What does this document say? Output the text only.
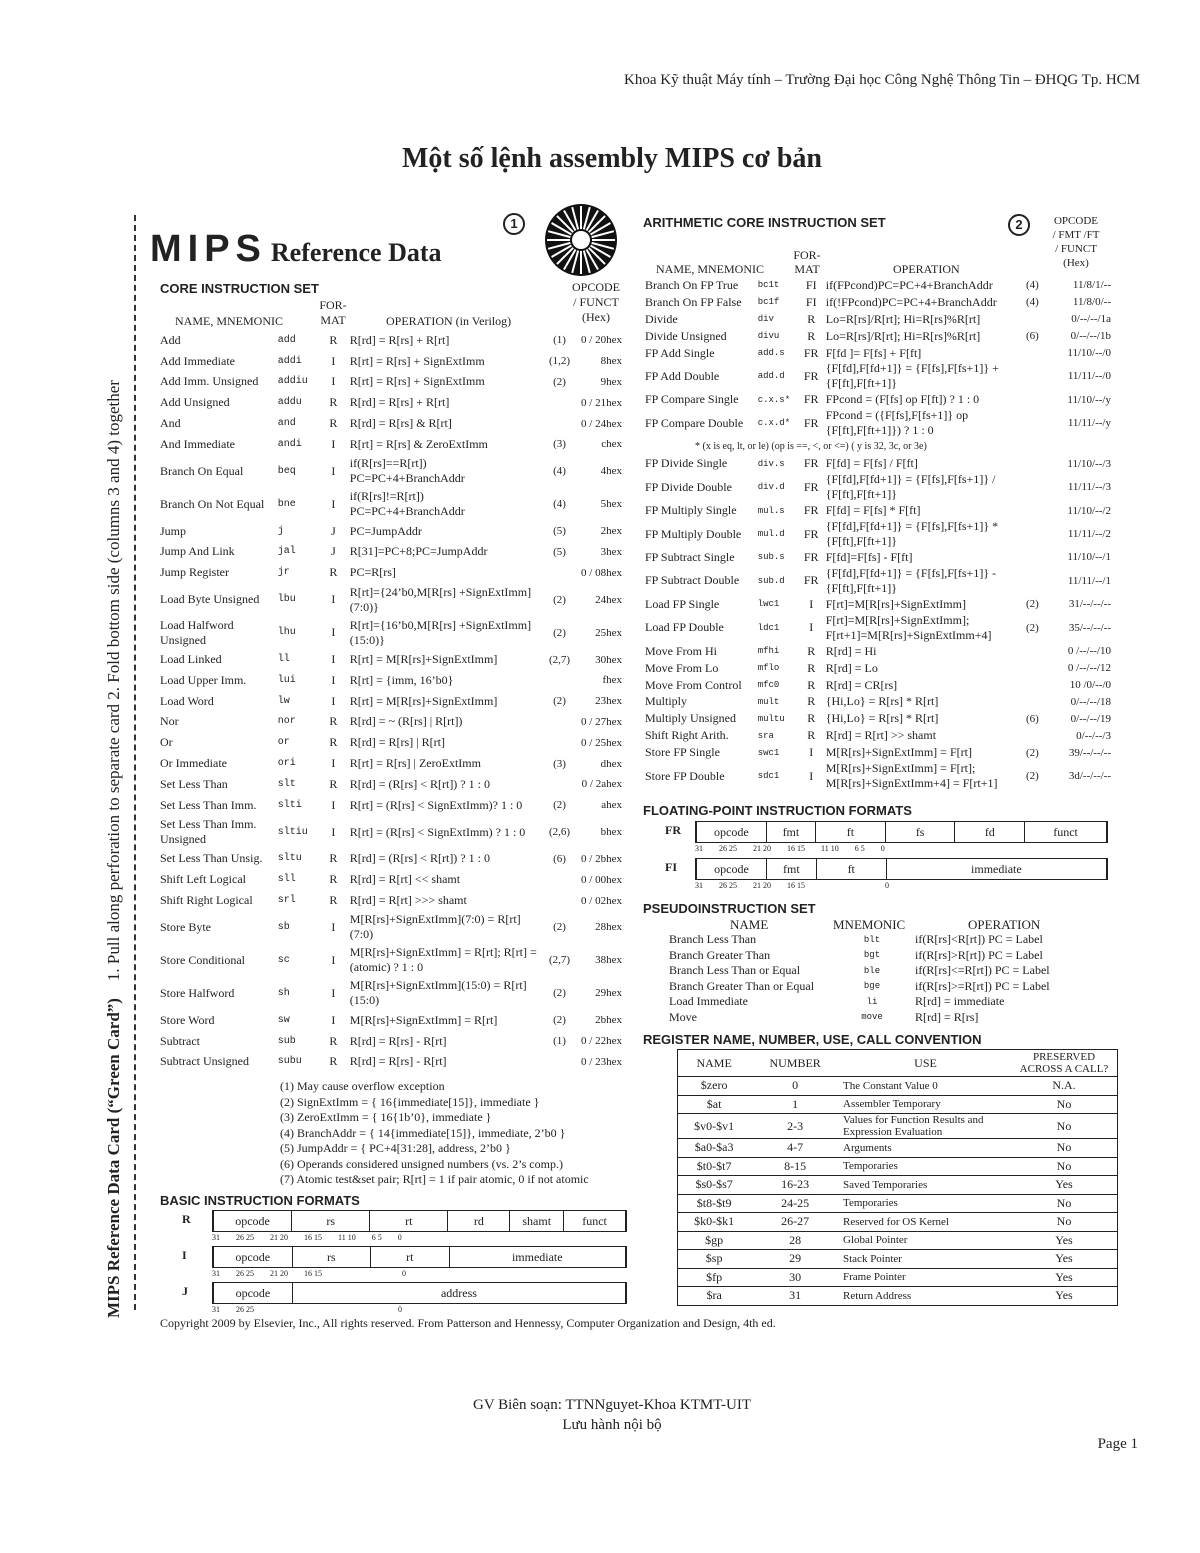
Khoa Kỹ thuật Máy tính – Trường Đại học Công Nghệ Thông Tin – ĐHQG Tp. HCM
Một số lệnh assembly MIPS cơ bản
MIPS Reference Data Card (“Green Card”)    1. Pull along perforation to separate card 2. Fold bottom side (columns 3 and 4) together
MIPS Reference Data
1	2
CORE INSTRUCTION SET	OPCODE
/ FUNCT
(Hex)
FOR-
MAT
NAME, MNEMONIC	OPERATION (in Verilog)
Add	add	R	R[rd] = R[rs] + R[rt]	(1)	0 / 20hex
Add Immediate	addi	I	R[rt] = R[rs] + SignExtImm	(1,2)	8hex
Add Imm. Unsigned	addiu	I	R[rt] = R[rs] + SignExtImm	(2)	9hex
Add Unsigned	addu	R	R[rd] = R[rs] + R[rt]		0 / 21hex
And	and	R	R[rd] = R[rs] & R[rt]		0 / 24hex
And Immediate	andi	I	R[rt] = R[rs] & ZeroExtImm	(3)	chex
Branch On Equal	beq	I	if(R[rs]==R[rt]) PC=PC+4+BranchAddr	(4)	4hex
Branch On Not Equal	bne	I	if(R[rs]!=R[rt]) PC=PC+4+BranchAddr	(4)	5hex
Jump	j	J	PC=JumpAddr	(5)	2hex
Jump And Link	jal	J	R[31]=PC+8;PC=JumpAddr	(5)	3hex
Jump Register	jr	R	PC=R[rs]		0 / 08hex
Load Byte Unsigned	lbu	I	R[rt]={24’b0,M[R[rs] +SignExtImm](7:0)}	(2)	24hex
Load Halfword Unsigned	lhu	I	R[rt]={16’b0,M[R[rs] +SignExtImm](15:0)}	(2)	25hex
Load Linked	ll	I	R[rt] = M[R[rs]+SignExtImm]	(2,7)	30hex
Load Upper Imm.	lui	I	R[rt] = {imm, 16’b0}		fhex
Load Word	lw	I	R[rt] = M[R[rs]+SignExtImm]	(2)	23hex
Nor	nor	R	R[rd] = ~ (R[rs] | R[rt])		0 / 27hex
Or	or	R	R[rd] = R[rs] | R[rt]		0 / 25hex
Or Immediate	ori	I	R[rt] = R[rs] | ZeroExtImm	(3)	dhex
Set Less Than	slt	R	R[rd] = (R[rs] < R[rt]) ? 1 : 0		0 / 2ahex
Set Less Than Imm.	slti	I	R[rt] = (R[rs] < SignExtImm)? 1 : 0	(2)	ahex
Set Less Than Imm. Unsigned	sltiu	I	R[rt] = (R[rs] < SignExtImm) ? 1 : 0	(2,6)	bhex
Set Less Than Unsig.	sltu	R	R[rd] = (R[rs] < R[rt]) ? 1 : 0	(6)	0 / 2bhex
Shift Left Logical	sll	R	R[rd] = R[rt] << shamt		0 / 00hex
Shift Right Logical	srl	R	R[rd] = R[rt] >>> shamt		0 / 02hex
Store Byte	sb	I	M[R[rs]+SignExtImm](7:0) = R[rt](7:0)	(2)	28hex
Store Conditional	sc	I	M[R[rs]+SignExtImm] = R[rt]; R[rt] = (atomic) ? 1 : 0	(2,7)	38hex
Store Halfword	sh	I	M[R[rs]+SignExtImm](15:0) = R[rt](15:0)	(2)	29hex
Store Word	sw	I	M[R[rs]+SignExtImm] = R[rt]	(2)	2bhex
Subtract	sub	R	R[rd] = R[rs] - R[rt]	(1)	0 / 22hex
Subtract Unsigned	subu	R	R[rd] = R[rs] - R[rt]		0 / 23hex
(1) May cause overflow exception
(2) SignExtImm = { 16{immediate[15]}, immediate }
(3) ZeroExtImm = { 16{1b’0}, immediate }
(4) BranchAddr = { 14{immediate[15]}, immediate, 2’b0 }
(5) JumpAddr = { PC+4[31:28], address, 2’b0 }
(6) Operands considered unsigned numbers (vs. 2’s comp.)
(7) Atomic test&set pair; R[rt] = 1 if pair atomic, 0 if not atomic
BASIC INSTRUCTION FORMATS
R	opcode	rs	rt	rd	shamt	funct
31        26 25        21 20        16 15        11 10        6 5        0
I	opcode	rs	rt	immediate
31        26 25        21 20        16 15                                        0
J	opcode	address
31        26 25                                                                        0
ARITHMETIC CORE INSTRUCTION SET	OPCODE
/ FMT /FT
/ FUNCT
(Hex)
FOR-
MAT
NAME, MNEMONIC	OPERATION
Branch On FP True	bc1t	FI	if(FPcond)PC=PC+4+BranchAddr	(4)	11/8/1/--
Branch On FP False	bc1f	FI	if(!FPcond)PC=PC+4+BranchAddr	(4)	11/8/0/--
Divide	div	R	Lo=R[rs]/R[rt]; Hi=R[rs]%R[rt]		0/--/--/1a
Divide Unsigned	divu	R	Lo=R[rs]/R[rt]; Hi=R[rs]%R[rt]	(6)	0/--/--/1b
FP Add Single	add.s	FR	F[fd ]= F[fs] + F[ft]		11/10/--/0
FP Add Double	add.d	FR	{F[fd],F[fd+1]} = {F[fs],F[fs+1]} + {F[ft],F[ft+1]}		11/11/--/0
FP Compare Single	c.x.s*	FR	FPcond = (F[fs] op F[ft]) ? 1 : 0		11/10/--/y
FP Compare Double	c.x.d*	FR	FPcond = ({F[fs],F[fs+1]} op {F[ft],F[ft+1]}) ? 1 : 0		11/11/--/y
* (x is eq, lt, or le) (op is ==, <, or <=) ( y is 32, 3c, or 3e)					
FP Divide Single	div.s	FR	F[fd] = F[fs] / F[ft]		11/10/--/3
FP Divide Double	div.d	FR	{F[fd],F[fd+1]} = {F[fs],F[fs+1]} / {F[ft],F[ft+1]}		11/11/--/3
FP Multiply Single	mul.s	FR	F[fd] = F[fs] * F[ft]		11/10/--/2
FP Multiply Double	mul.d	FR	{F[fd],F[fd+1]} = {F[fs],F[fs+1]} * {F[ft],F[ft+1]}		11/11/--/2
FP Subtract Single	sub.s	FR	F[fd]=F[fs] - F[ft]		11/10/--/1
FP Subtract Double	sub.d	FR	{F[fd],F[fd+1]} = {F[fs],F[fs+1]} - {F[ft],F[ft+1]}		11/11/--/1
Load FP Single	lwc1	I	F[rt]=M[R[rs]+SignExtImm]	(2)	31/--/--/--
Load FP Double	ldc1	I	F[rt]=M[R[rs]+SignExtImm]; F[rt+1]=M[R[rs]+SignExtImm+4]	(2)	35/--/--/--
Move From Hi	mfhi	R	R[rd] = Hi		0 /--/--/10
Move From Lo	mflo	R	R[rd] = Lo		0 /--/--/12
Move From Control	mfc0	R	R[rd] = CR[rs]		10 /0/--/0
Multiply	mult	R	{Hi,Lo} = R[rs] * R[rt]		0/--/--/18
Multiply Unsigned	multu	R	{Hi,Lo} = R[rs] * R[rt]	(6)	0/--/--/19
Shift Right Arith.	sra	R	R[rd] = R[rt] >> shamt		0/--/--/3
Store FP Single	swc1	I	M[R[rs]+SignExtImm] = F[rt]	(2)	39/--/--/--
Store FP Double	sdc1	I	M[R[rs]+SignExtImm] = F[rt]; M[R[rs]+SignExtImm+4] = F[rt+1]	(2)	3d/--/--/--
FLOATING-POINT INSTRUCTION FORMATS
FR	opcode	fmt	ft	fs	fd	funct
31        26 25        21 20        16 15        11 10        6 5        0
FI	opcode	fmt	ft	immediate
31        26 25        21 20        16 15                                        0
PSEUDOINSTRUCTION SET
NAME	MNEMONIC	OPERATION
Branch Less Than	blt	if(R[rs]<R[rt]) PC = Label
Branch Greater Than	bgt	if(R[rs]>R[rt]) PC = Label
Branch Less Than or Equal	ble	if(R[rs]<=R[rt]) PC = Label
Branch Greater Than or Equal	bge	if(R[rs]>=R[rt]) PC = Label
Load Immediate	li	R[rd] = immediate
Move	move	R[rd] = R[rs]
REGISTER NAME, NUMBER, USE, CALL CONVENTION
NAME	NUMBER	USE	PRESERVED ACROSS A CALL?
$zero	0	The Constant Value 0	N.A.
$at	1	Assembler Temporary	No
$v0-$v1	2-3	Values for Function Results and Expression Evaluation	No
$a0-$a3	4-7	Arguments	No
$t0-$t7	8-15	Temporaries	No
$s0-$s7	16-23	Saved Temporaries	Yes
$t8-$t9	24-25	Temporaries	No
$k0-$k1	26-27	Reserved for OS Kernel	No
$gp	28	Global Pointer	Yes
$sp	29	Stack Pointer	Yes
$fp	30	Frame Pointer	Yes
$ra	31	Return Address	Yes
Copyright 2009 by Elsevier, Inc., All rights reserved. From Patterson and Hennessy, Computer Organization and Design, 4th ed.
GV Biên soạn: TTNNguyet-Khoa KTMT-UIT
Lưu hành nội bộ
Page 1
